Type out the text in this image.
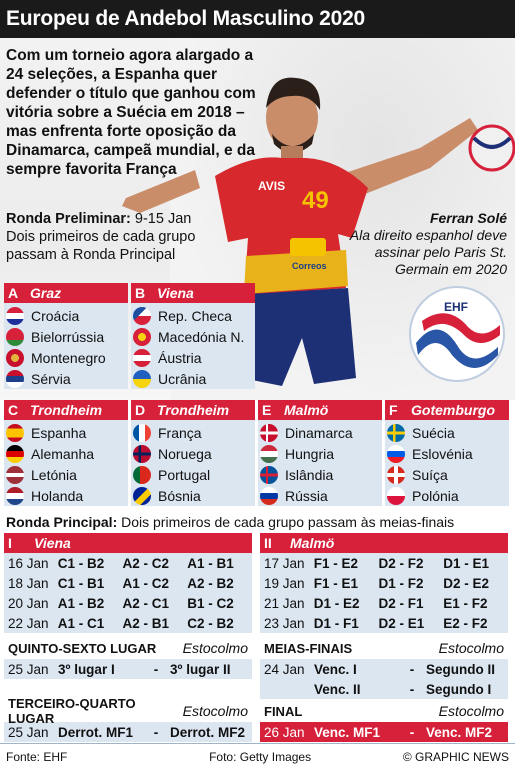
Europeu de Andebol Masculino 2020
AVIS
49
Correos
EHF
Com um torneio agora alargado a 24 seleções, a Espanha quer defender o título que ganhou com vitória sobre a Suécia em 2018 – mas enfrenta forte oposição da Dinamarca, campeã mundial, e da sempre favorita França
Ronda Preliminar: 9-15 Jan
Dois primeiros de cada grupo passam à Ronda Principal
Ferran Solé
Ala direito espanhol deve assinar pelo Paris St. Germain em 2020
A Graz
Croácia
Bielorrússia
Montenegro
Sérvia
B Viena
Rep. Checa
Macedónia N.
Áustria
Ucrânia
C Trondheim
Espanha
Alemanha
Letónia
Holanda
D Trondheim
França
Noruega
Portugal
Bósnia
E Malmö
Dinamarca
Hungria
Islândia
Rússia
F Gotemburgo
Suécia
Eslovénia
Suíça
Polónia
Ronda Principal: Dois primeiros de cada grupo passam às meias-finais
I	Viena
16 Jan C1 - B2	A2 - C2	A1 - B1
18 Jan C1 - B1	A1 - C2	A2 - B2
20 Jan A1 - B2	A2 - C1	B1 - C2
22 Jan A1 - C1	A2 - B1	C2 - B2
II	Malmö
17 Jan F1 - E2	D2 - F2	D1 - E1
19 Jan F1 - E1	D1 - F2	D2 - E2
21 Jan D1 - E2	D2 - F1	E1 - F2
23 Jan D1 - F1	D2 - E1	E2 - F2
QUINTO-SEXTO LUGAR Estocolmo
25 Jan 3º lugar I	- 3º lugar II
MEIAS-FINAIS	Estocolmo
24 Jan Venc. I	- Segundo II
Venc. II	- Segundo I
TERCEIRO-QUARTO LUGAR	Estocolmo
25 Jan Derrot. MF1	- Derrot. MF2
FINAL	Estocolmo
26 Jan Venc. MF1	- Venc. MF2
Fonte: EHF	Foto: Getty Images	© GRAPHIC NEWS
